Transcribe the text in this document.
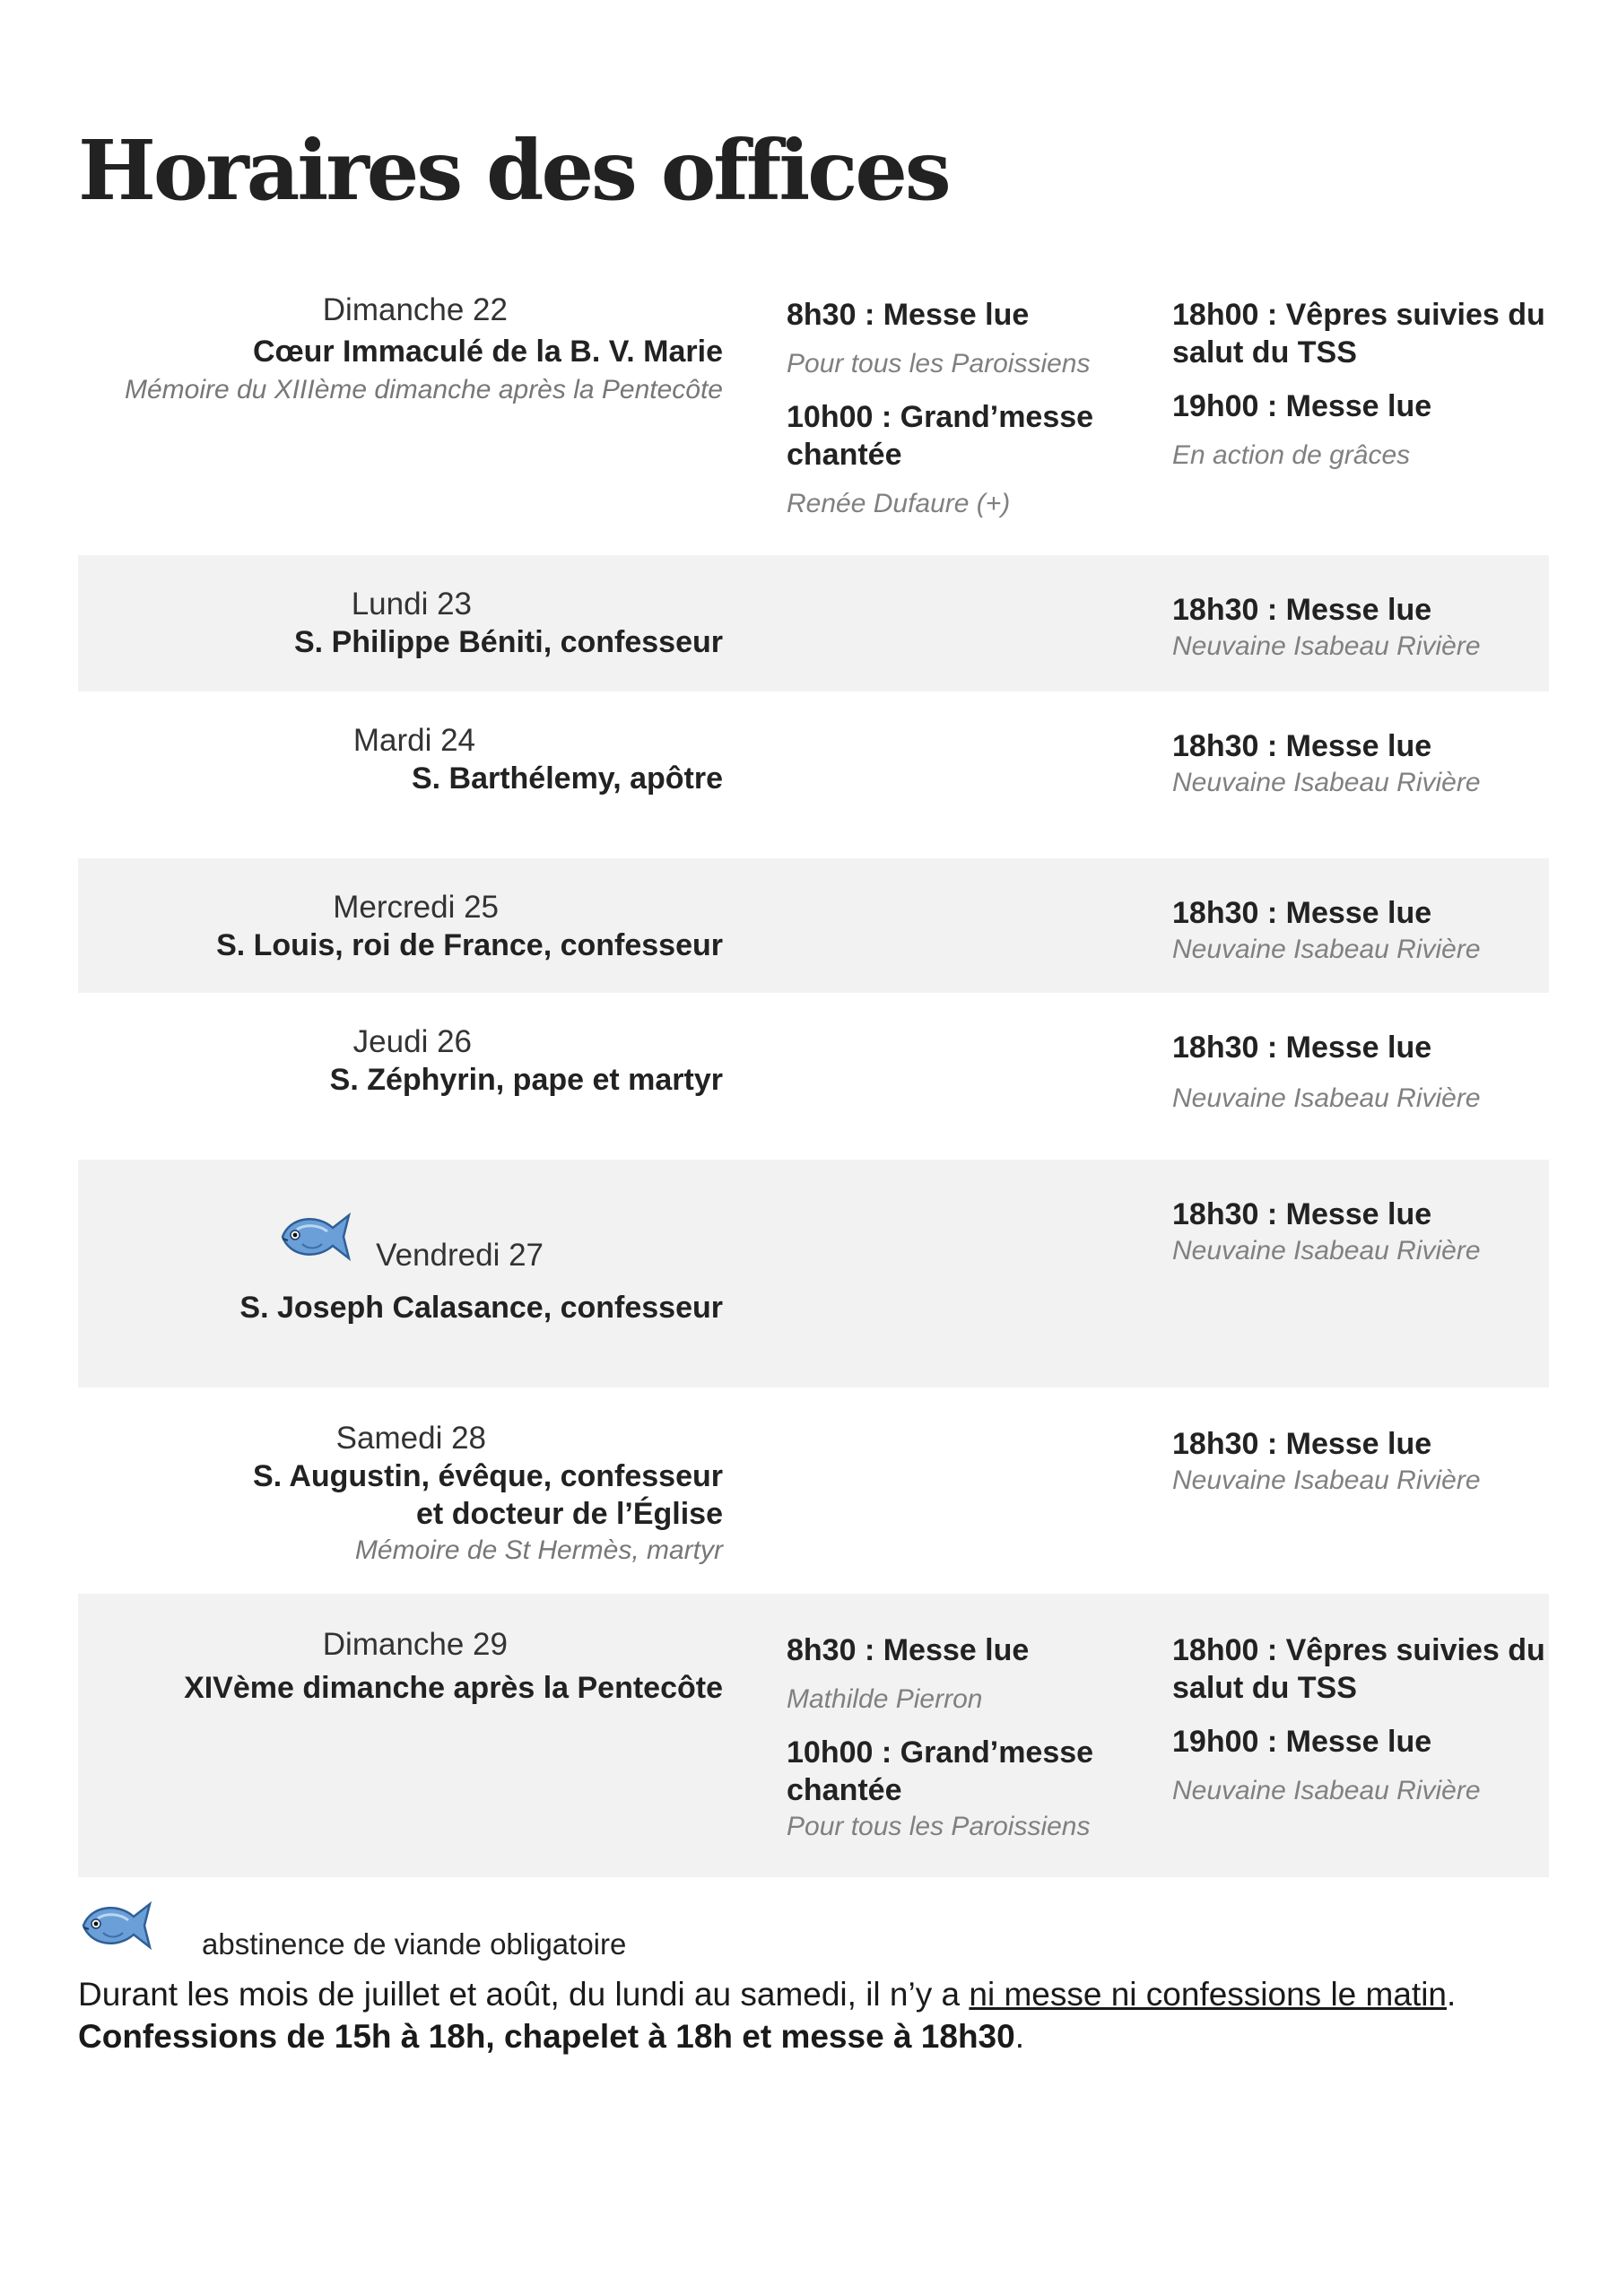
Horaires des offices
Dimanche 22
Cœur Immaculé de la B. V. Marie
Mémoire du XIIIème dimanche après la Pentecôte
8h30 : Messe lue
Pour tous les Paroissiens
10h00 : Grand’messe chantée
Renée Dufaure (+)
18h00 : Vêpres suivies du salut du TSS
19h00 : Messe lue
En action de grâces
Lundi 23
S. Philippe Béniti, confesseur
18h30 : Messe lue
Neuvaine Isabeau Rivière
Mardi 24
S. Barthélemy, apôtre
18h30 : Messe lue
Neuvaine Isabeau Rivière
Mercredi 25
S. Louis, roi de France, confesseur
18h30 : Messe lue
Neuvaine Isabeau Rivière
Jeudi 26
S. Zéphyrin, pape et martyr
18h30 : Messe lue
Neuvaine Isabeau Rivière
Vendredi 27
S. Joseph Calasance, confesseur
18h30 : Messe lue
Neuvaine Isabeau Rivière
Samedi 28
S. Augustin, évêque, confesseur
et docteur de l’Église
Mémoire de St Hermès, martyr
18h30 : Messe lue
Neuvaine Isabeau Rivière
Dimanche 29
XIVème dimanche après la Pentecôte
8h30 : Messe lue
Mathilde Pierron
10h00 : Grand’messe chantée
Pour tous les Paroissiens
18h00 : Vêpres suivies du salut du TSS
19h00 : Messe lue
Neuvaine Isabeau Rivière
abstinence de viande obligatoire
Durant les mois de juillet et août, du lundi au samedi, il n’y a ni messe ni confessions le matin.
Confessions de 15h à 18h, chapelet à 18h et messe à 18h30.
